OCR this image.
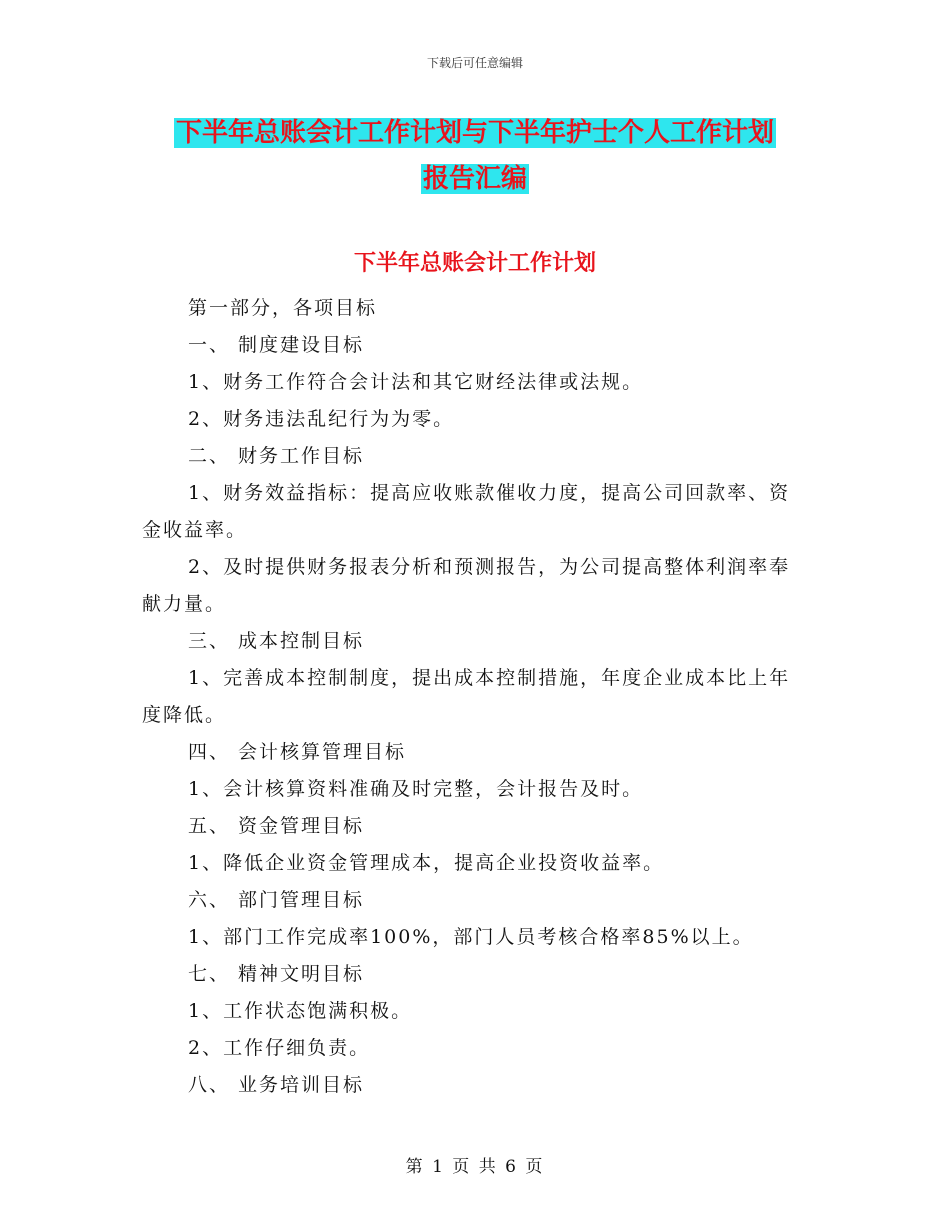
下载后可任意编辑
下半年总账会计工作计划与下半年护士个人工作计划
报告汇编
下半年总账会计工作计划

第一部分，各项目标

一、 制度建设目标

1、财务工作符合会计法和其它财经法律或法规。

2、财务违法乱纪行为为零。

二、 财务工作目标

1、财务效益指标：提高应收账款催收力度，提高公司回款率、资金收益率。

2、及时提供财务报表分析和预测报告，为公司提高整体利润率奉献力量。

三、 成本控制目标

1、完善成本控制制度，提出成本控制措施，年度企业成本比上年度降低。

四、 会计核算管理目标

1、会计核算资料准确及时完整，会计报告及时。

五、 资金管理目标

1、降低企业资金管理成本，提高企业投资收益率。

六、 部门管理目标

1、部门工作完成率100%，部门人员考核合格率85%以上。

七、 精神文明目标

1、工作状态饱满积极。

2、工作仔细负责。

八、 业务培训目标

第 1 页 共 6 页
